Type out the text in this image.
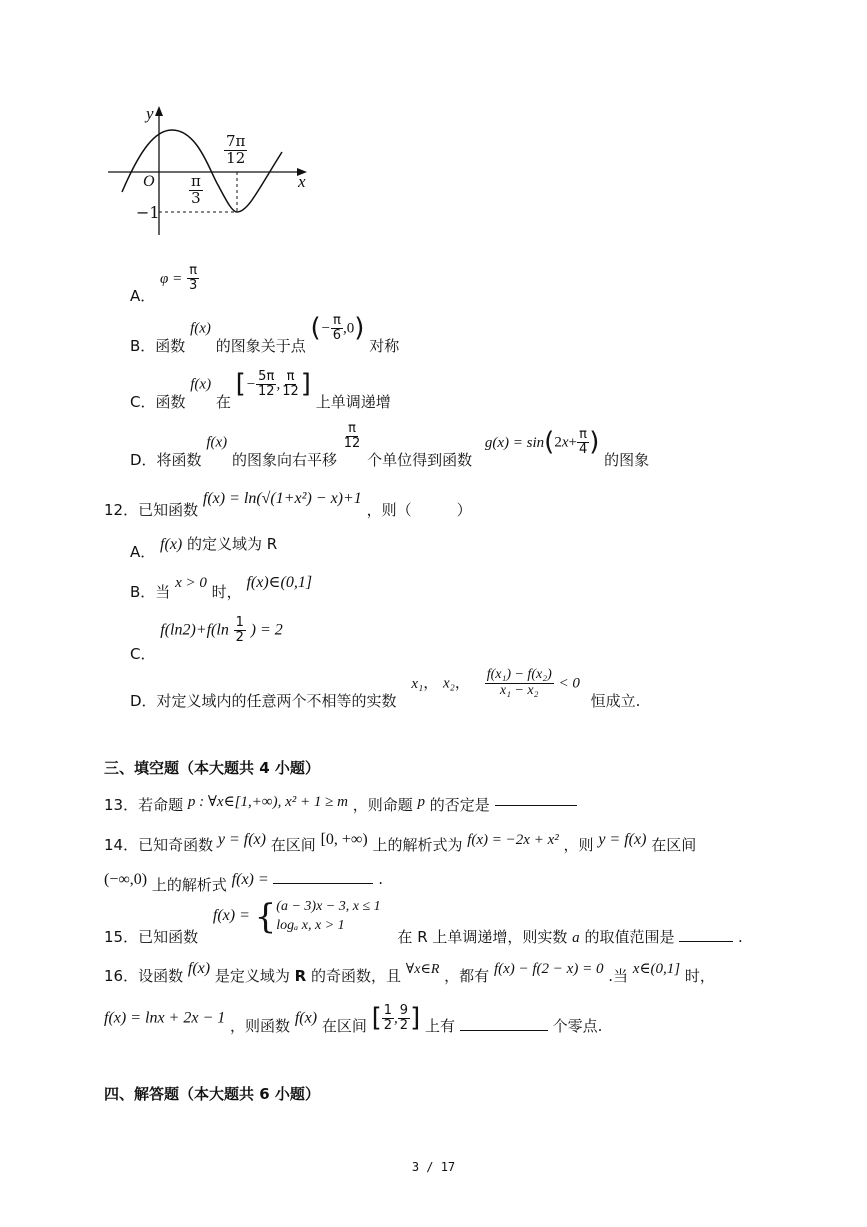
y
x
O $\frac{\pi}{3}$
$\frac{7\pi}{12}$
−1
A． $\varphi = \frac{\pi}{3}$
B．函数 f(x) 的图象关于点 (− $\frac{\pi}{6} ,0$) 对称
C．函数 f(x) 在 [− $\frac{5\pi}{12}$ , $\frac{\pi}{12}$ ] 上单调递增
D．将函数 f(x) 的图象向右平移
$\frac{\pi}{12}$
个单位得到函数 $g(x) = \sin(2x+ \frac{\pi}{4}$ ) 的图象
12．已知函数 f(x) = ln(√(1+x²) − x)+1 ，则（　　　）
A． f(x) 的定义域为 R
B．当 x > 0 时， f(x)∈(0,1]
C． $f(\ln 2)+f(\ln \frac{1}{2}$ ) = 2
D．对定义域内的任意两个不相等的实数 x₁， x₂， $\frac{\text{f(x₁) − f(x₂)}}{\text{x₁ − x₂}} < 0$ 恒成立.
三、填空题（本大题共 4 小题）
13．若命题 p : ∀x∈[1,+∞), x² + 1 ≥ m ，则命题 p 的否定是
14．已知奇函数 y = f(x) 在区间 [0, +∞) 上的解析式为 f(x) = −2x + x² ，则 y = f(x) 在区间
(−∞,0) 上的解析式 f(x) =	.
15．已知函数 f(x) = { (a − 3)x − 3, x ≤ 1
logₐ x, x > 1
在 R 上单调递增，则实数 a 的取值范围是	.
16．设函数 f(x) 是定义域为 R 的奇函数，且 ∀x∈R ，都有 f(x) − f(2 − x) = 0 .当 x∈(0,1] 时，
f(x) = lnx + 2x − 1 ，则函数 f(x) 在区间 [ $\frac{1}{2}$ , $\frac{9}{2}$ ] 上有	个零点.
四、解答题（本大题共 6 小题）
3 / 17
